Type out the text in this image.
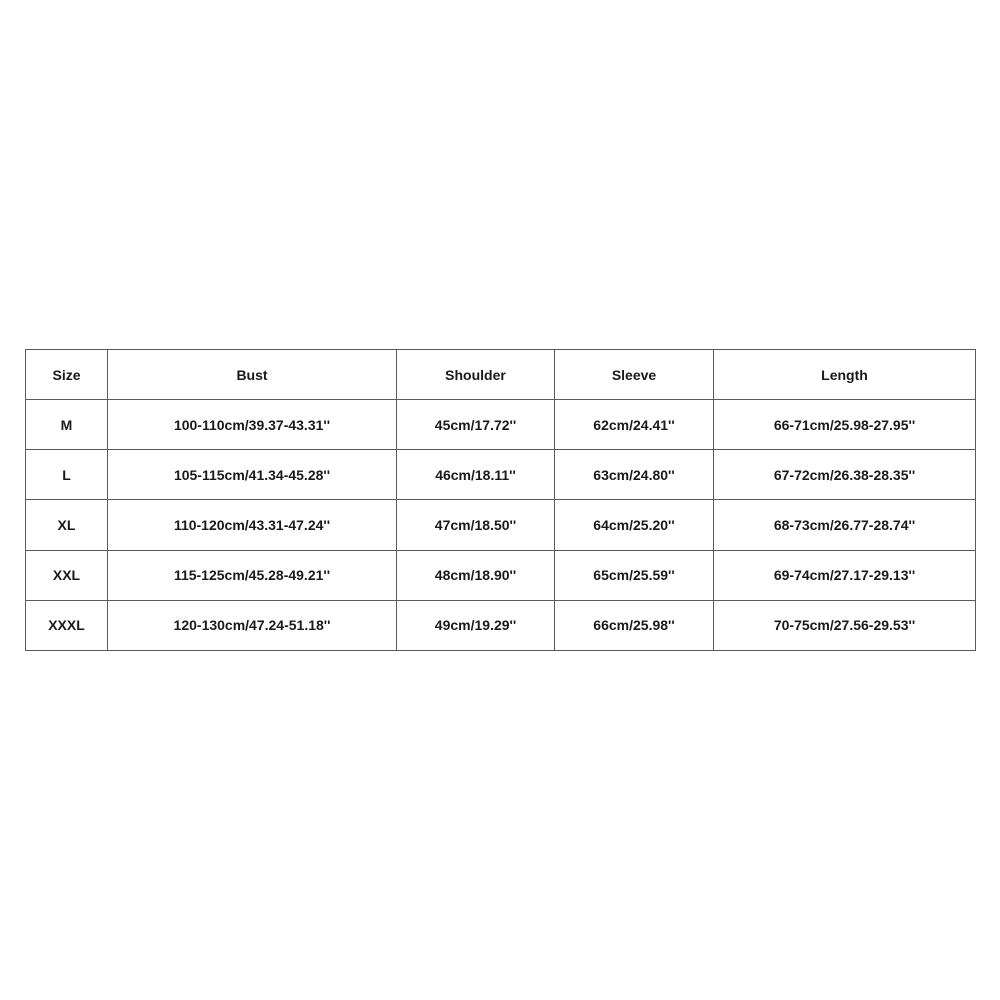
Size	Bust	Shoulder	Sleeve	Length
M	100-110cm/39.37-43.31''	45cm/17.72''	62cm/24.41''	66-71cm/25.98-27.95''
L	105-115cm/41.34-45.28''	46cm/18.11''	63cm/24.80''	67-72cm/26.38-28.35''
XL	110-120cm/43.31-47.24''	47cm/18.50''	64cm/25.20''	68-73cm/26.77-28.74''
XXL	115-125cm/45.28-49.21''	48cm/18.90''	65cm/25.59''	69-74cm/27.17-29.13''
XXXL	120-130cm/47.24-51.18''	49cm/19.29''	66cm/25.98''	70-75cm/27.56-29.53''
